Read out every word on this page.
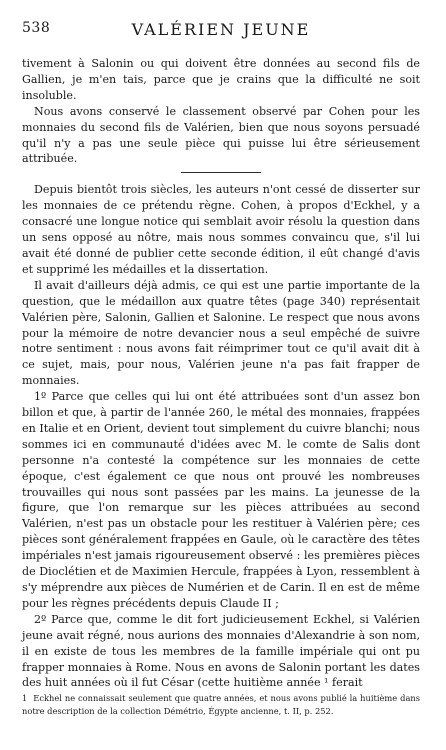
538	VALÉRIEN JEUNE

tivement à Salonin ou qui doivent être données au second fils de Gallien, je m'en tais, parce que je crains que la difficulté ne soit insoluble.

Nous avons conservé le classement observé par Cohen pour les monnaies du second fils de Valérien, bien que nous soyons persuadé qu'il n'y a pas une seule pièce qui puisse lui être sérieusement attribuée.

Depuis bientôt trois siècles, les auteurs n'ont cessé de disserter sur les monnaies de ce prétendu règne. Cohen, à propos d'Eckhel, y a consacré une longue notice qui semblait avoir résolu la question dans un sens opposé au nôtre, mais nous sommes convaincu que, s'il lui avait été donné de publier cette seconde édition, il eût changé d'avis et supprimé les médailles et la dissertation.

Il avait d'ailleurs déjà admis, ce qui est une partie importante de la question, que le médaillon aux quatre têtes (page 340) représentait Valérien père, Salonin, Gallien et Salonine. Le respect que nous avons pour la mémoire de notre devancier nous a seul empêché de suivre notre sentiment : nous avons fait réimprimer tout ce qu'il avait dit à ce sujet, mais, pour nous, Valérien jeune n'a pas fait frapper de monnaies.

1º Parce que celles qui lui ont été attribuées sont d'un assez bon billon et que, à partir de l'année 260, le métal des monnaies, frappées en Italie et en Orient, devient tout simplement du cuivre blanchi; nous sommes ici en communauté d'idées avec M. le comte de Salis dont personne n'a contesté la compétence sur les monnaies de cette époque, c'est également ce que nous ont prouvé les nombreuses trouvailles qui nous sont passées par les mains. La jeunesse de la figure, que l'on remarque sur les pièces attribuées au second Valérien, n'est pas un obstacle pour les restituer à Valérien père; ces pièces sont généralement frappées en Gaule, où le caractère des têtes impériales n'est jamais rigoureusement observé : les premières pièces de Dioclétien et de Maximien Hercule, frappées à Lyon, ressemblent à s'y méprendre aux pièces de Numérien et de Carin. Il en est de même pour les règnes précédents depuis Claude II ;

2º Parce que, comme le dit fort judicieusement Eckhel, si Valérien jeune avait régné, nous aurions des monnaies d'Alexandrie à son nom, il en existe de tous les membres de la famille impériale qui ont pu frapper monnaies à Rome. Nous en avons de Salonin portant les dates des huit années où il fut César (cette huitième année ¹ ferait

1 Eckhel ne connaissait seulement que quatre années, et nous avons publié la huitième dans notre description de la collection Démétrio, Égypte ancienne, t. II, p. 252.
